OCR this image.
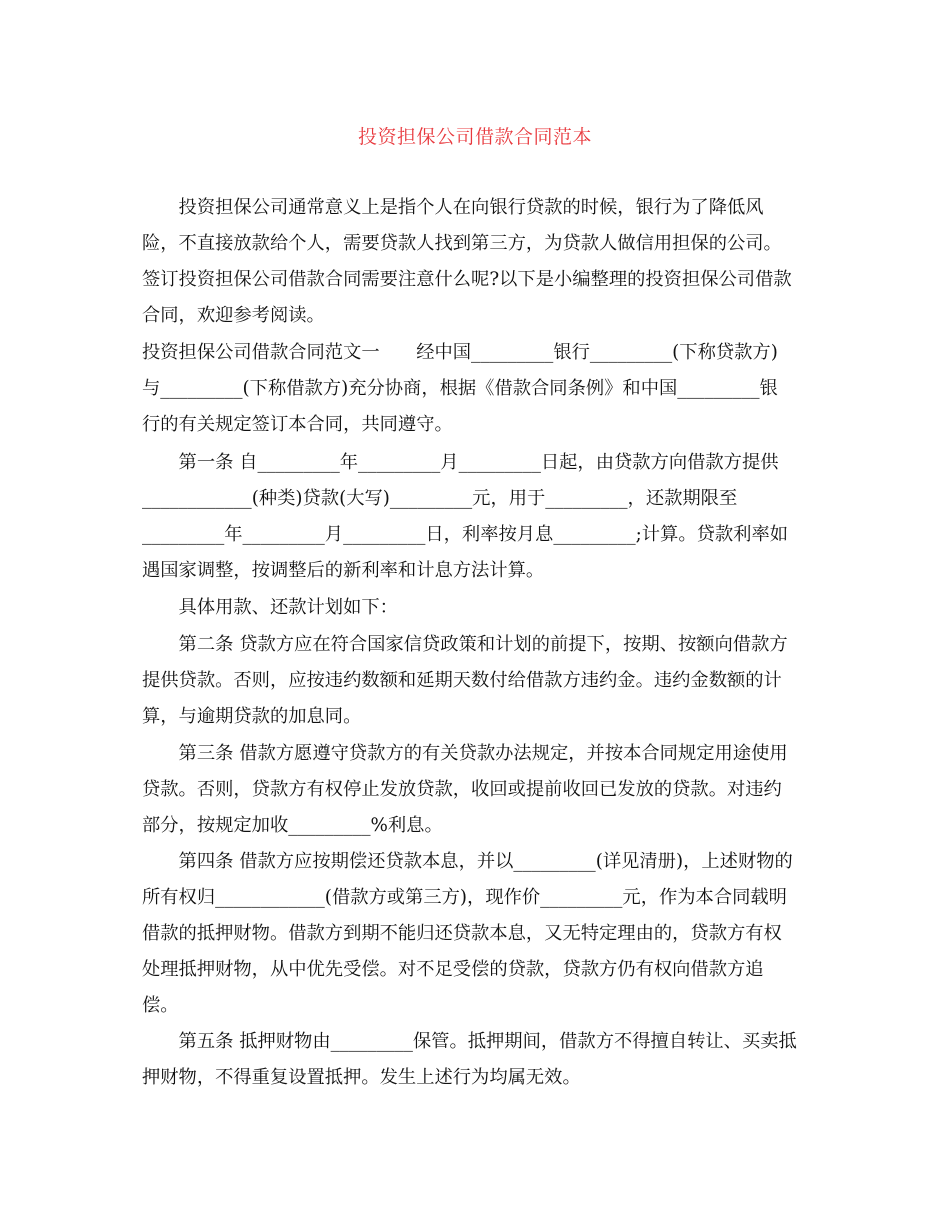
投资担保公司借款合同范本
　　投资担保公司通常意义上是指个人在向银行贷款的时候，银行为了降低风
险，不直接放款给个人，需要贷款人找到第三方，为贷款人做信用担保的公司。
签订投资担保公司借款合同需要注意什么呢?以下是小编整理的投资担保公司借款
合同，欢迎参考阅读。
投资担保公司借款合同范文一　　经中国_________银行_________(下称贷款方)
与_________(下称借款方)充分协商，根据《借款合同条例》和中国_________银
行的有关规定签订本合同，共同遵守。
　　第一条 自_________年_________月_________日起，由贷款方向借款方提供
____________(种类)贷款(大写)_________元，用于_________，还款期限至
_________年_________月_________日，利率按月息_________;计算。贷款利率如
遇国家调整，按调整后的新利率和计息方法计算。
　　具体用款、还款计划如下：
　　第二条 贷款方应在符合国家信贷政策和计划的前提下，按期、按额向借款方
提供贷款。否则，应按违约数额和延期天数付给借款方违约金。违约金数额的计
算，与逾期贷款的加息同。
　　第三条 借款方愿遵守贷款方的有关贷款办法规定，并按本合同规定用途使用
贷款。否则，贷款方有权停止发放贷款，收回或提前收回已发放的贷款。对违约
部分，按规定加收_________%利息。
　　第四条 借款方应按期偿还贷款本息，并以_________(详见清册)，上述财物的
所有权归____________(借款方或第三方)，现作价_________元，作为本合同载明
借款的抵押财物。借款方到期不能归还贷款本息，又无特定理由的，贷款方有权
处理抵押财物，从中优先受偿。对不足受偿的贷款，贷款方仍有权向借款方追
偿。
　　第五条 抵押财物由_________保管。抵押期间，借款方不得擅自转让、买卖抵
押财物，不得重复设置抵押。发生上述行为均属无效。
